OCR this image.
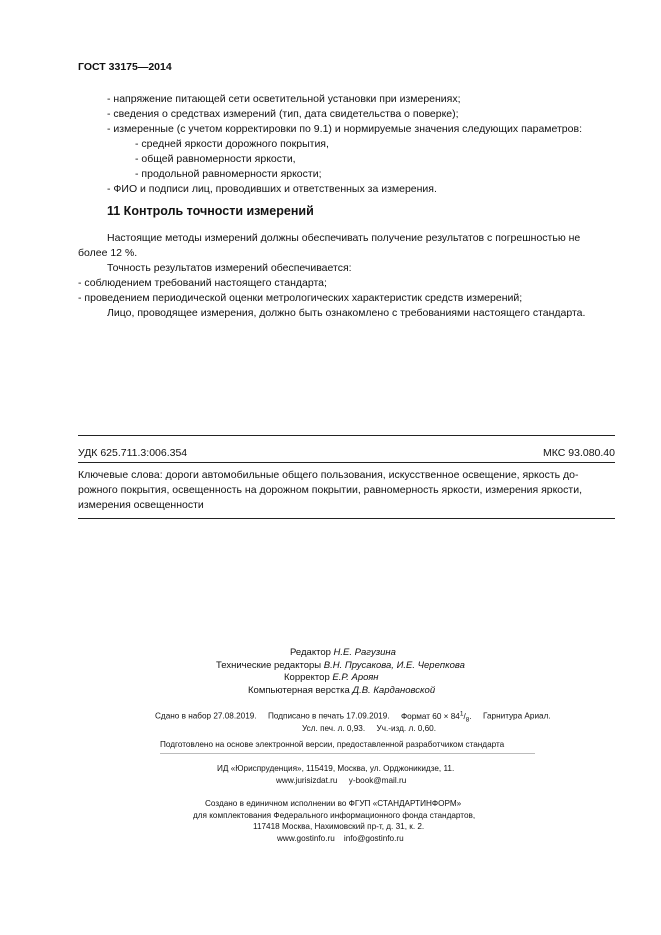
ГОСТ 33175—2014
- напряжение питающей сети осветительной установки при измерениях;
- сведения о средствах измерений (тип, дата свидетельства о поверке);
- измеренные (с учетом корректировки по 9.1) и нормируемые значения следующих параметров:
- средней яркости дорожного покрытия,
- общей равномерности яркости,
- продольной равномерности яркости;
- ФИО и подписи лиц, проводивших и ответственных за измерения.
11 Контроль точности измерений
Настоящие методы измерений должны обеспечивать получение результатов с погрешностью не
более 12 %.
Точность результатов измерений обеспечивается:
- соблюдением требований настоящего стандарта;
- проведением периодической оценки метрологических характеристик средств измерений;
Лицо, проводящее измерения, должно быть ознакомлено с требованиями настоящего стандарта.
УДК 625.711.3:006.354	МКС 93.080.40
Ключевые слова: дороги автомобильные общего пользования, искусственное освещение, яркость до-
рожного покрытия, освещенность на дорожном покрытии, равномерность яркости, измерения яркости,
измерения освещенности
Редактор Н.Е. Рагузина
Технические редакторы В.Н. Прусакова, И.Е. Черепкова
Корректор Е.Р. Ароян
Компьютерная верстка Д.В. Кардановской
Сдано в набор 27.08.2019. Подписано в печать 17.09.2019. Формат $60 \times 84^1/_8$. Гарнитура Ариал.
Усл. печ. л. 0,93. Уч.-изд. л. 0,60.
Подготовлено на основе электронной версии, предоставленной разработчиком стандарта
ИД «Юриспруденция», 115419, Москва, ул. Орджоникидзе, 11.
www.jurisizdat.ru y-book@mail.ru
Создано в единичном исполнении во ФГУП «СТАНДАРТИНФОРМ»
для комплектования Федерального информационного фонда стандартов,
117418 Москва, Нахимовский пр-т, д. 31, к. 2.
www.gostinfo.ru info@gostinfo.ru
